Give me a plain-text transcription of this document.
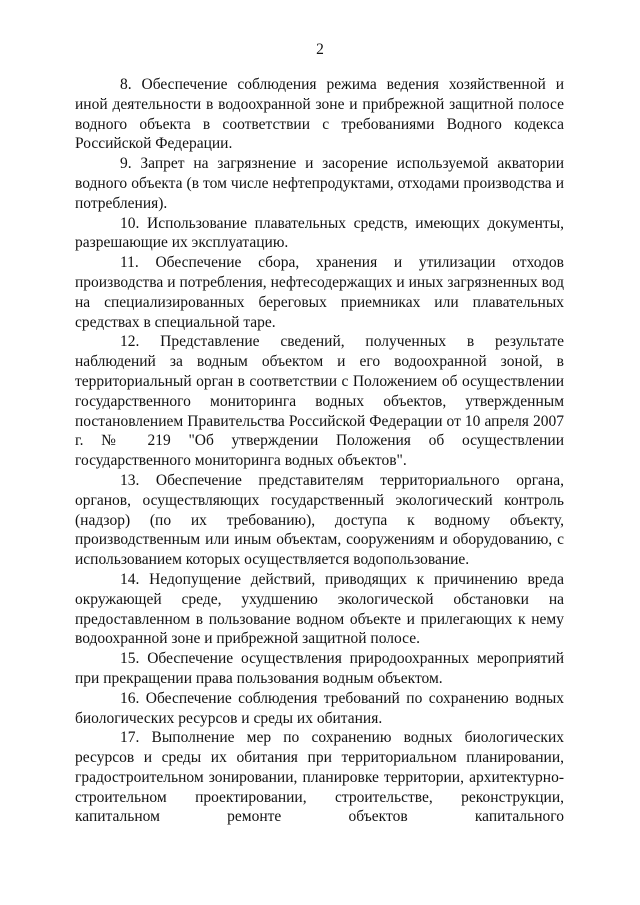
2

8. Обеспечение соблюдения режима ведения хозяйственной и иной деятельности в водоохранной зоне и прибрежной защитной полосе водного объекта в соответствии с требованиями Водного кодекса Российской Федерации.

9. Запрет на загрязнение и засорение используемой акватории водного объекта (в том числе нефтепродуктами, отходами производства и потребления).

10. Использование плавательных средств, имеющих документы, разрешающие их эксплуатацию.

11. Обеспечение сбора, хранения и утилизации отходов производства и потребления, нефтесодержащих и иных загрязненных вод на специализированных береговых приемниках или плавательных средствах в специальной таре.

12. Представление сведений, полученных в результате наблюдений за водным объектом и его водоохранной зоной, в территориальный орган в соответствии с Положением об осуществлении государственного мониторинга водных объектов, утвержденным постановлением Правительства Российской Федерации от 10 апреля 2007 г. № 219 "Об утверждении Положения об осуществлении государственного мониторинга водных объектов".

13. Обеспечение представителям территориального органа, органов, осуществляющих государственный экологический контроль (надзор) (по их требованию), доступа к водному объекту, производственным или иным объектам, сооружениям и оборудованию, с использованием которых осуществляется водопользование.

14. Недопущение действий, приводящих к причинению вреда окружающей среде, ухудшению экологической обстановки на предоставленном в пользование водном объекте и прилегающих к нему водоохранной зоне и прибрежной защитной полосе.

15. Обеспечение осуществления природоохранных мероприятий при прекращении права пользования водным объектом.

16. Обеспечение соблюдения требований по сохранению водных биологических ресурсов и среды их обитания.

17. Выполнение мер по сохранению водных биологических ресурсов и среды их обитания при территориальном планировании, градостроительном зонировании, планировке территории, архитектурно-строительном проектировании, строительстве, реконструкции, капитальном ремонте объектов капитального
